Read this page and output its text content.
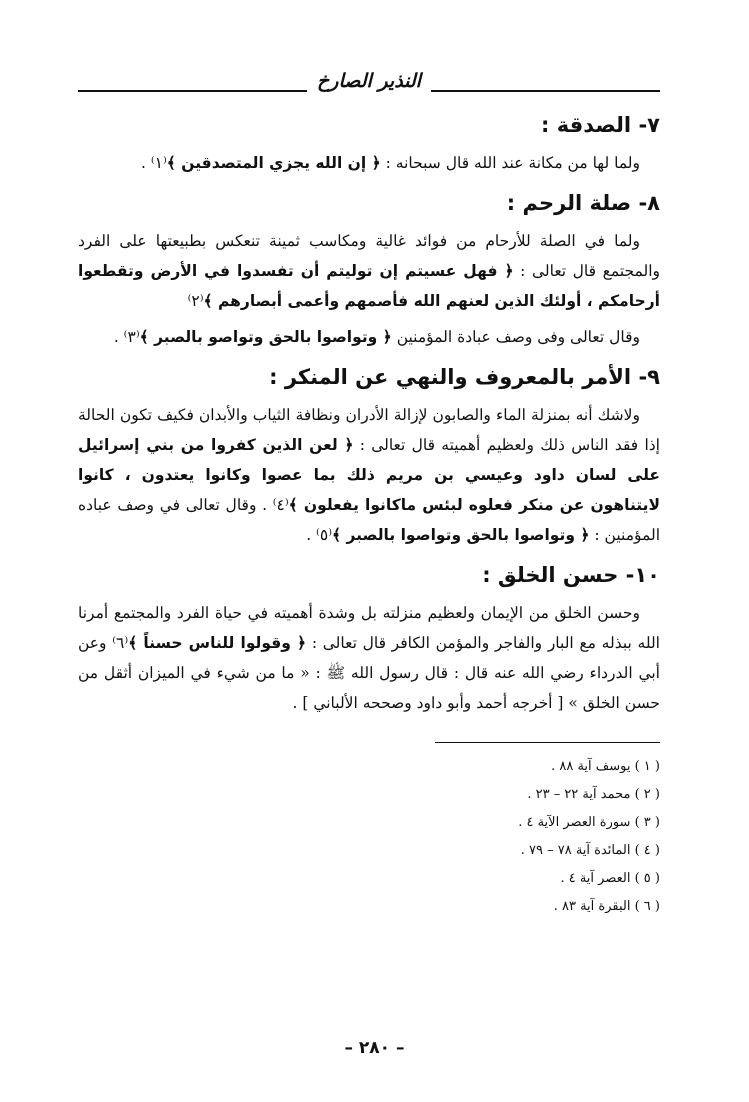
النذير الصارخ
٧- الصدقة :

ولما لها من مكانة عند الله قال سبحانه : ﴿ إن الله يجزي المتصدقين ﴾⁽١⁾ .

٨- صلة الرحم :

ولما في الصلة للأرحام من فوائد غالية ومكاسب ثمينة تنعكس بطبيعتها على الفرد والمجتمع قال تعالى : ﴿ فهل عسيتم إن توليتم أن تفسدوا في الأرض وتقطعوا أرحامكم ، أولئك الذين لعنهم الله فأصمهم وأعمى أبصارهم ﴾⁽٢⁾

وقال تعالى وفى وصف عبادة المؤمنين ﴿ وتواصوا بالحق وتواصو بالصبر ﴾⁽٣⁾ .

٩- الأمر بالمعروف والنهي عن المنكر :

ولاشك أنه بمنزلة الماء والصابون لإزالة الأدران ونظافة الثياب والأبدان فكيف تكون الحالة إذا فقد الناس ذلك ولعظيم أهميته قال تعالى : ﴿ لعن الذين كفروا من بني إسرائيل على لسان داود وعيسي بن مريم ذلك بما عصوا وكانوا يعتدون ، كانوا لايتناهون عن منكر فعلوه لبئس ماكانوا يفعلون ﴾⁽٤⁾ . وقال تعالى في وصف عباده المؤمنين : ﴿ وتواصوا بالحق وتواصوا بالصبر ﴾⁽٥⁾ .

١٠- حسن الخلق :

وحسن الخلق من الإيمان ولعظيم منزلته بل وشدة أهميته في حياة الفرد والمجتمع أمرنا الله ببذله مع البار والفاجر والمؤمن الكافر قال تعالى : ﴿ وقولوا للناس حسناً ﴾⁽٦⁾ وعن أبي الدرداء رضي الله عنه قال : قال رسول الله ﷺ : « ما من شيء في الميزان أثقل من حسن الخلق » [ أخرجه أحمد وأبو داود وصححه الألباني ] .

( ١ ) يوسف آية ٨٨ .
( ٢ ) محمد آية ٢٢ – ٢٣ .
( ٣ ) سورة العصر الآية ٤ .
( ٤ ) المائدة آية ٧٨ – ٧٩ .
( ٥ ) العصر آية ٤ .
( ٦ ) البقرة آية ٨٣ .
– ٢٨٠ –
